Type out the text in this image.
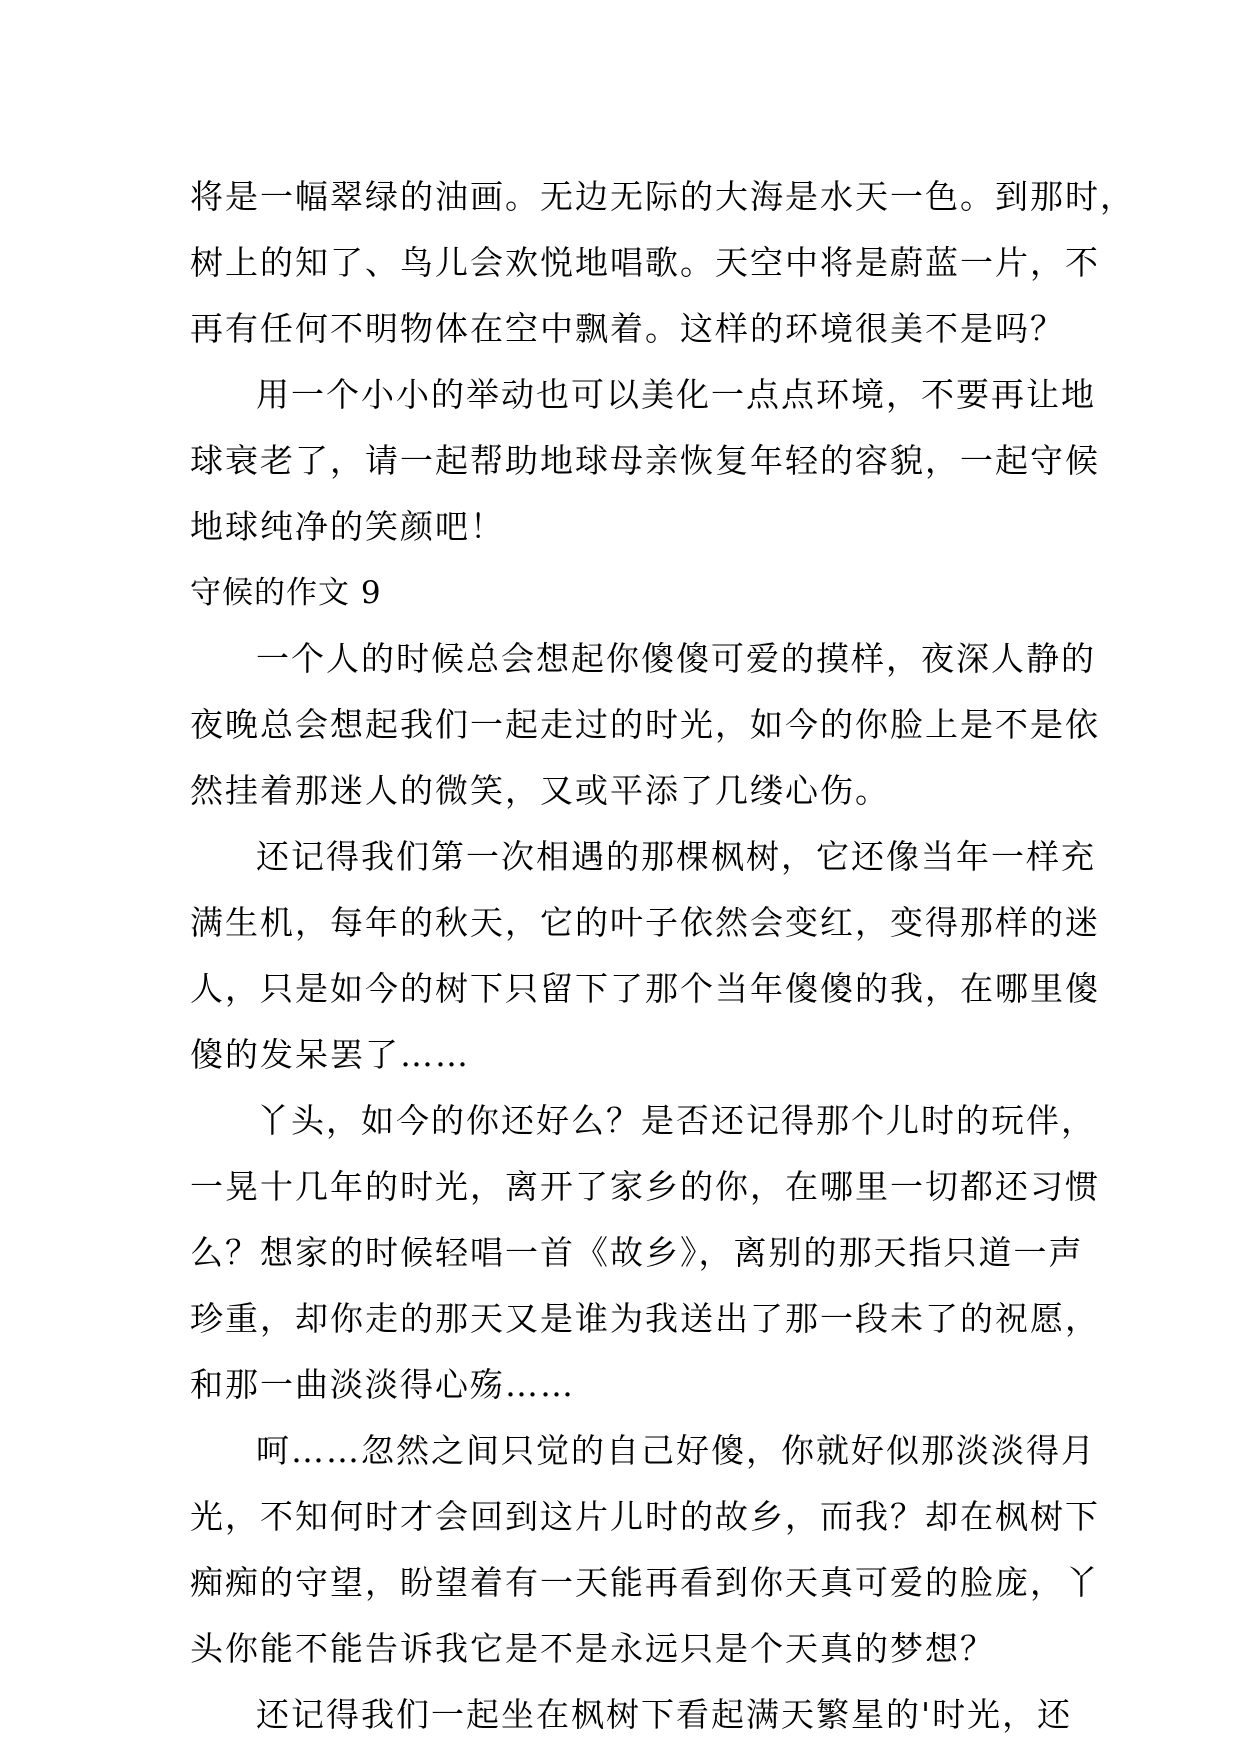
将是一幅翠绿的油画。无边无际的大海是水天一色。到那时，
树上的知了、鸟儿会欢悦地唱歌。天空中将是蔚蓝一片，不
再有任何不明物体在空中飘着。这样的环境很美不是吗？
用一个小小的举动也可以美化一点点环境，不要再让地
球衰老了，请一起帮助地球母亲恢复年轻的容貌，一起守候
地球纯净的笑颜吧！
守候的作文 9
一个人的时候总会想起你傻傻可爱的摸样，夜深人静的
夜晚总会想起我们一起走过的时光，如今的你脸上是不是依
然挂着那迷人的微笑，又或平添了几缕心伤。
还记得我们第一次相遇的那棵枫树，它还像当年一样充
满生机，每年的秋天，它的叶子依然会变红，变得那样的迷
人，只是如今的树下只留下了那个当年傻傻的我，在哪里傻
傻的发呆罢了……
丫头，如今的你还好么？是否还记得那个儿时的玩伴，
一晃十几年的时光，离开了家乡的你，在哪里一切都还习惯
么？想家的时候轻唱一首《故乡》，离别的那天指只道一声
珍重，却你走的那天又是谁为我送出了那一段未了的祝愿，
和那一曲淡淡得心殇……
呵……忽然之间只觉的自己好傻，你就好似那淡淡得月
光，不知何时才会回到这片儿时的故乡，而我？却在枫树下
痴痴的守望，盼望着有一天能再看到你天真可爱的脸庞，丫
头你能不能告诉我它是不是永远只是个天真的梦想？
还记得我们一起坐在枫树下看起满天繁星的'时光，还
